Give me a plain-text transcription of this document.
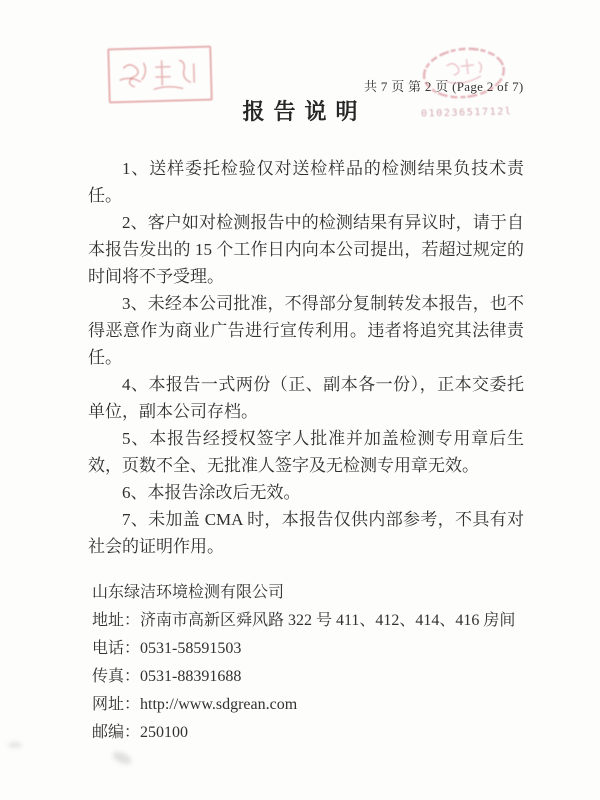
共 7 页 第 2 页 (Page 2 of 7)
01023651712l
报告说明

1、送样委托检验仅对送检样品的检测结果负技术责任。

2、客户如对检测报告中的检测结果有异议时，请于自本报告发出的 15 个工作日内向本公司提出，若超过规定的时间将不予受理。

3、未经本公司批准，不得部分复制转发本报告，也不得恶意作为商业广告进行宣传利用。违者将追究其法律责任。

4、本报告一式两份（正、副本各一份），正本交委托单位，副本公司存档。

5、本报告经授权签字人批准并加盖检测专用章后生效，页数不全、无批准人签字及无检测专用章无效。

6、本报告涂改后无效。

7、未加盖 CMA 时，本报告仅供内部参考，不具有对社会的证明作用。

山东绿洁环境检测有限公司
地址：济南市高新区舜风路 322 号 411、412、414、416 房间
电话：0531-58591503
传真：0531-88391688
网址：http://www.sdgrean.com
邮编：250100
